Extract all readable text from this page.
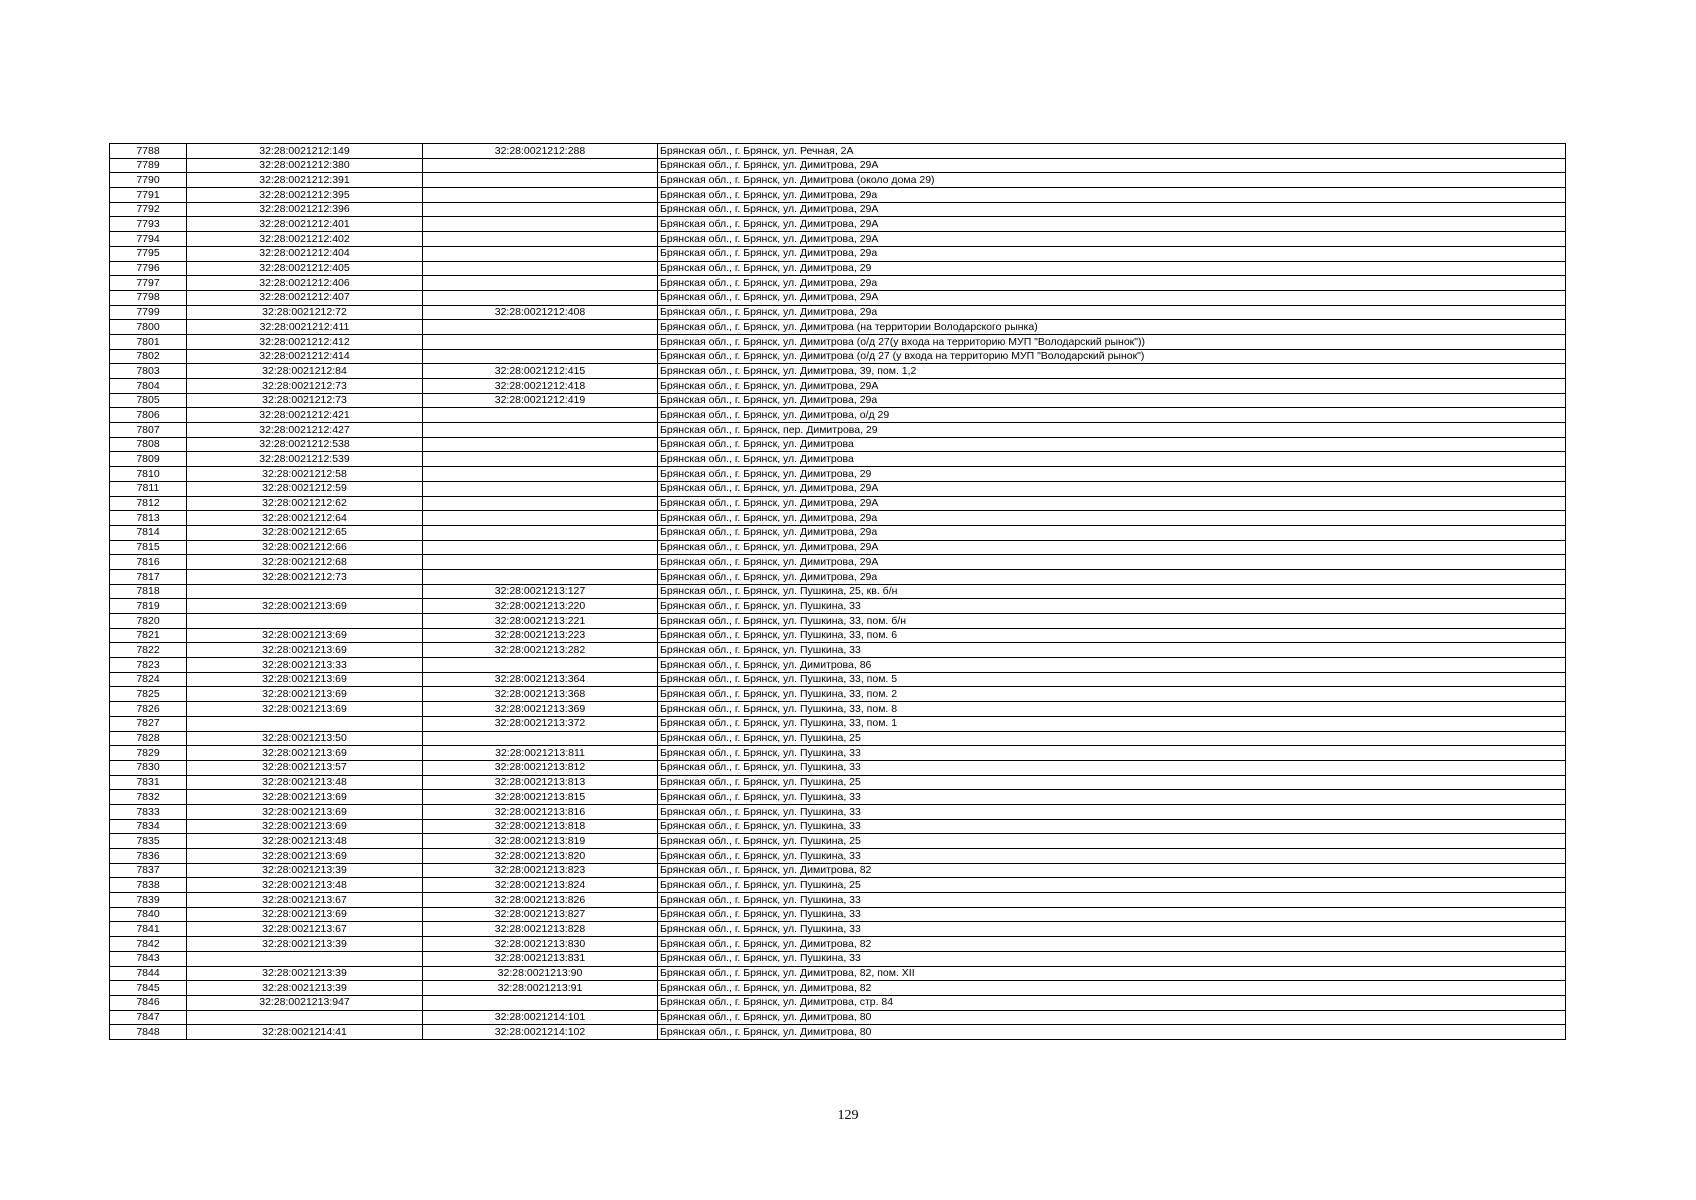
7788	32:28:0021212:149	32:28:0021212:288	Брянская обл., г. Брянск, ул. Речная, 2А
7789	32:28:0021212:380		Брянская обл., г. Брянск, ул. Димитрова, 29А
7790	32:28:0021212:391		Брянская обл., г. Брянск, ул. Димитрова (около дома 29)
7791	32:28:0021212:395		Брянская обл., г. Брянск, ул. Димитрова, 29а
7792	32:28:0021212:396		Брянская обл., г. Брянск, ул. Димитрова, 29А
7793	32:28:0021212:401		Брянская обл., г. Брянск, ул. Димитрова, 29А
7794	32:28:0021212:402		Брянская обл., г. Брянск, ул. Димитрова, 29А
7795	32:28:0021212:404		Брянская обл., г. Брянск, ул. Димитрова, 29а
7796	32:28:0021212:405		Брянская обл., г. Брянск, ул. Димитрова, 29
7797	32:28:0021212:406		Брянская обл., г. Брянск, ул. Димитрова, 29а
7798	32:28:0021212:407		Брянская обл., г. Брянск, ул. Димитрова, 29А
7799	32:28:0021212:72	32:28:0021212:408	Брянская обл., г. Брянск, ул. Димитрова, 29а
7800	32:28:0021212:411		Брянская обл., г. Брянск, ул. Димитрова (на территории Володарского рынка)
7801	32:28:0021212:412		Брянская обл., г. Брянск, ул. Димитрова (о/д 27(у входа на территорию МУП "Володарский рынок"))
7802	32:28:0021212:414		Брянская обл., г. Брянск, ул. Димитрова (о/д 27 (у входа на территорию МУП "Володарский рынок")
7803	32:28:0021212:84	32:28:0021212:415	Брянская обл., г. Брянск, ул. Димитрова, 39, пом. 1,2
7804	32:28:0021212:73	32:28:0021212:418	Брянская обл., г. Брянск, ул. Димитрова, 29А
7805	32:28:0021212:73	32:28:0021212:419	Брянская обл., г. Брянск, ул. Димитрова, 29а
7806	32:28:0021212:421		Брянская обл., г. Брянск, ул. Димитрова, о/д 29
7807	32:28:0021212:427		Брянская обл., г. Брянск, пер. Димитрова, 29
7808	32:28:0021212:538		Брянская обл., г. Брянск, ул. Димитрова
7809	32:28:0021212:539		Брянская обл., г. Брянск, ул. Димитрова
7810	32:28:0021212:58		Брянская обл., г. Брянск, ул. Димитрова, 29
7811	32:28:0021212:59		Брянская обл., г. Брянск, ул. Димитрова, 29А
7812	32:28:0021212:62		Брянская обл., г. Брянск, ул. Димитрова, 29А
7813	32:28:0021212:64		Брянская обл., г. Брянск, ул. Димитрова, 29а
7814	32:28:0021212:65		Брянская обл., г. Брянск, ул. Димитрова, 29а
7815	32:28:0021212:66		Брянская обл., г. Брянск, ул. Димитрова, 29А
7816	32:28:0021212:68		Брянская обл., г. Брянск, ул. Димитрова, 29А
7817	32:28:0021212:73		Брянская обл., г. Брянск, ул. Димитрова, 29а
7818		32:28:0021213:127	Брянская обл., г. Брянск, ул. Пушкина, 25, кв. б/н
7819	32:28:0021213:69	32:28:0021213:220	Брянская обл., г. Брянск, ул. Пушкина, 33
7820		32:28:0021213:221	Брянская обл., г. Брянск, ул. Пушкина, 33, пом. б/н
7821	32:28:0021213:69	32:28:0021213:223	Брянская обл., г. Брянск, ул. Пушкина, 33, пом. 6
7822	32:28:0021213:69	32:28:0021213:282	Брянская обл., г. Брянск, ул. Пушкина, 33
7823	32:28:0021213:33		Брянская обл., г. Брянск, ул. Димитрова, 86
7824	32:28:0021213:69	32:28:0021213:364	Брянская обл., г. Брянск, ул. Пушкина, 33, пом. 5
7825	32:28:0021213:69	32:28:0021213:368	Брянская обл., г. Брянск, ул. Пушкина, 33, пом. 2
7826	32:28:0021213:69	32:28:0021213:369	Брянская обл., г. Брянск, ул. Пушкина, 33, пом. 8
7827		32:28:0021213:372	Брянская обл., г. Брянск, ул. Пушкина, 33, пом. 1
7828	32:28:0021213:50		Брянская обл., г. Брянск, ул. Пушкина, 25
7829	32:28:0021213:69	32:28:0021213:811	Брянская обл., г. Брянск, ул. Пушкина, 33
7830	32:28:0021213:57	32:28:0021213:812	Брянская обл., г. Брянск, ул. Пушкина, 33
7831	32:28:0021213:48	32:28:0021213:813	Брянская обл., г. Брянск, ул. Пушкина, 25
7832	32:28:0021213:69	32:28:0021213:815	Брянская обл., г. Брянск, ул. Пушкина, 33
7833	32:28:0021213:69	32:28:0021213:816	Брянская обл., г. Брянск, ул. Пушкина, 33
7834	32:28:0021213:69	32:28:0021213:818	Брянская обл., г. Брянск, ул. Пушкина, 33
7835	32:28:0021213:48	32:28:0021213:819	Брянская обл., г. Брянск, ул. Пушкина, 25
7836	32:28:0021213:69	32:28:0021213:820	Брянская обл., г. Брянск, ул. Пушкина, 33
7837	32:28:0021213:39	32:28:0021213:823	Брянская обл., г. Брянск, ул. Димитрова, 82
7838	32:28:0021213:48	32:28:0021213:824	Брянская обл., г. Брянск, ул. Пушкина, 25
7839	32:28:0021213:67	32:28:0021213:826	Брянская обл., г. Брянск, ул. Пушкина, 33
7840	32:28:0021213:69	32:28:0021213:827	Брянская обл., г. Брянск, ул. Пушкина, 33
7841	32:28:0021213:67	32:28:0021213:828	Брянская обл., г. Брянск, ул. Пушкина, 33
7842	32:28:0021213:39	32:28:0021213:830	Брянская обл., г. Брянск, ул. Димитрова, 82
7843		32:28:0021213:831	Брянская обл., г. Брянск, ул. Пушкина, 33
7844	32:28:0021213:39	32:28:0021213:90	Брянская обл., г. Брянск, ул. Димитрова, 82, пом. XII
7845	32:28:0021213:39	32:28:0021213:91	Брянская обл., г. Брянск, ул. Димитрова, 82
7846	32:28:0021213:947		Брянская обл., г. Брянск, ул. Димитрова, стр. 84
7847		32:28:0021214:101	Брянская обл., г. Брянск, ул. Димитрова, 80
7848	32:28:0021214:41	32:28:0021214:102	Брянская обл., г. Брянск, ул. Димитрова, 80
129
